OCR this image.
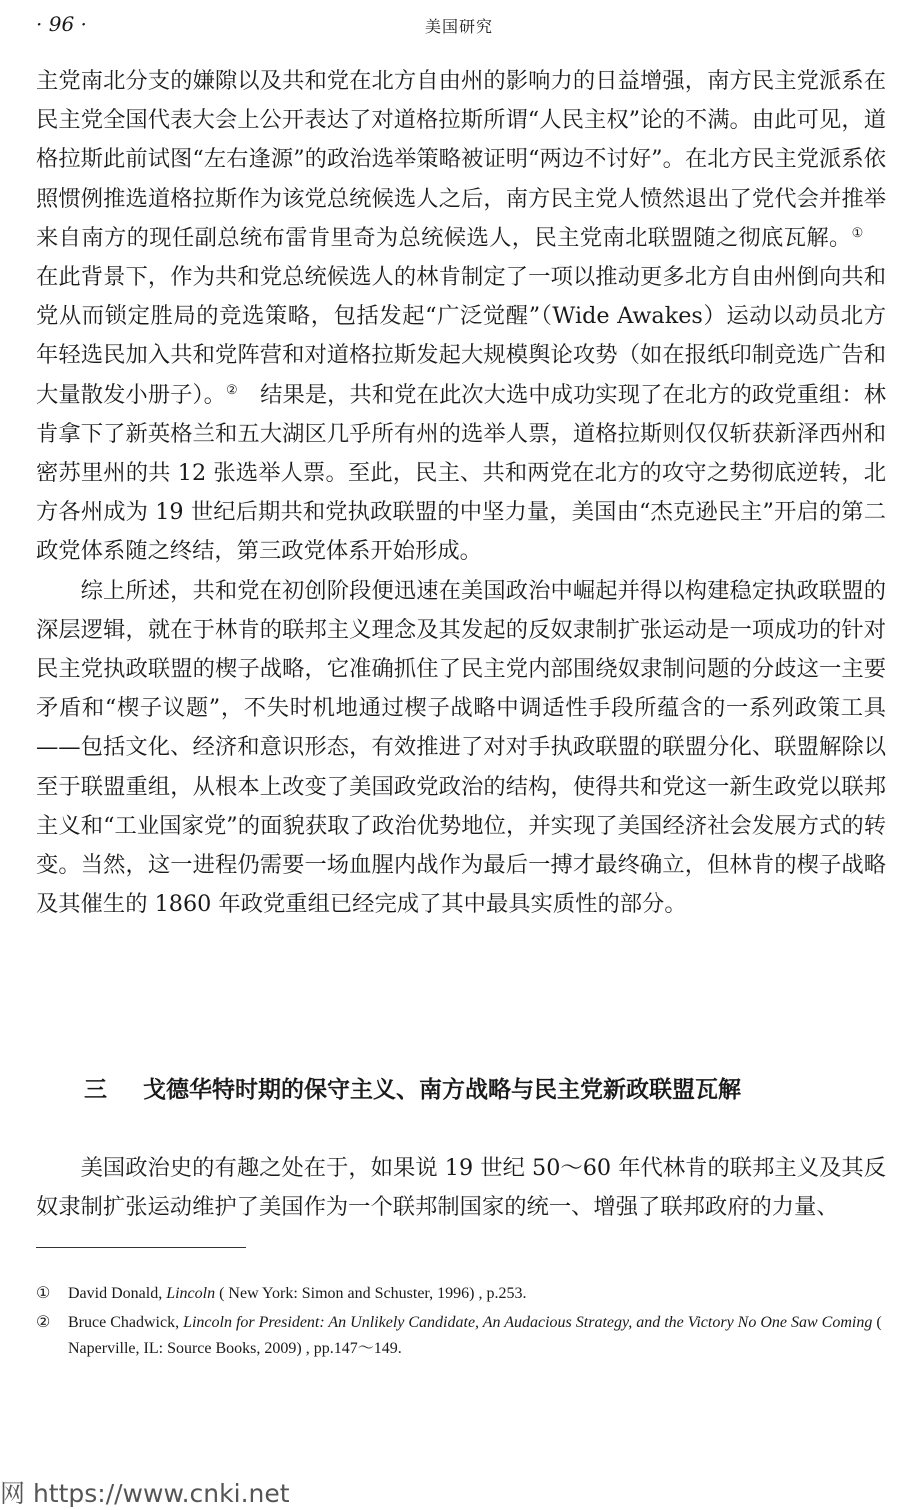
· 96 ·	美国研究

主党南北分支的嫌隙以及共和党在北方自由州的影响力的日益增强，南方民主党派系在民主党全国代表大会上公开表达了对道格拉斯所谓“人民主权”论的不满。由此可见，道格拉斯此前试图“左右逢源”的政治选举策略被证明“两边不讨好”。在北方民主党派系依照惯例推选道格拉斯作为该党总统候选人之后，南方民主党人愤然退出了党代会并推举来自南方的现任副总统布雷肯里奇为总统候选人，民主党南北联盟随之彻底瓦解。① 在此背景下，作为共和党总统候选人的林肯制定了一项以推动更多北方自由州倒向共和党从而锁定胜局的竞选策略，包括发起“广泛觉醒”（Wide Awakes）运动以动员北方年轻选民加入共和党阵营和对道格拉斯发起大规模舆论攻势（如在报纸印制竞选广告和大量散发小册子）。②  结果是，共和党在此次大选中成功实现了在北方的政党重组：林肯拿下了新英格兰和五大湖区几乎所有州的选举人票，道格拉斯则仅仅斩获新泽西州和密苏里州的共 12 张选举人票。至此，民主、共和两党在北方的攻守之势彻底逆转，北方各州成为 19 世纪后期共和党执政联盟的中坚力量，美国由“杰克逊民主”开启的第二政党体系随之终结，第三政党体系开始形成。

综上所述，共和党在初创阶段便迅速在美国政治中崛起并得以构建稳定执政联盟的深层逻辑，就在于林肯的联邦主义理念及其发起的反奴隶制扩张运动是一项成功的针对民主党执政联盟的楔子战略，它准确抓住了民主党内部围绕奴隶制问题的分歧这一主要矛盾和“楔子议题”，不失时机地通过楔子战略中调适性手段所蕴含的一系列政策工具——包括文化、经济和意识形态，有效推进了对对手执政联盟的联盟分化、联盟解除以至于联盟重组，从根本上改变了美国政党政治的结构，使得共和党这一新生政党以联邦主义和“工业国家党”的面貌获取了政治优势地位，并实现了美国经济社会发展方式的转变。当然，这一进程仍需要一场血腥内战作为最后一搏才最终确立，但林肯的楔子战略及其催生的 1860 年政党重组已经完成了其中最具实质性的部分。

三 戈德华特时期的保守主义、南方战略与民主党新政联盟瓦解

美国政治史的有趣之处在于，如果说 19 世纪 50～60 年代林肯的联邦主义及其反奴隶制扩张运动维护了美国作为一个联邦制国家的统一、增强了联邦政府的力量、

① David Donald, Lincoln ( New York: Simon and Schuster, 1996) , p.253.
② Bruce Chadwick, Lincoln for President: An Unlikely Candidate, An Audacious Strategy, and the Victory No One Saw Coming ( Naperville, IL: Source Books, 2009) , pp.147～149.
网 https://www.cnki.net
